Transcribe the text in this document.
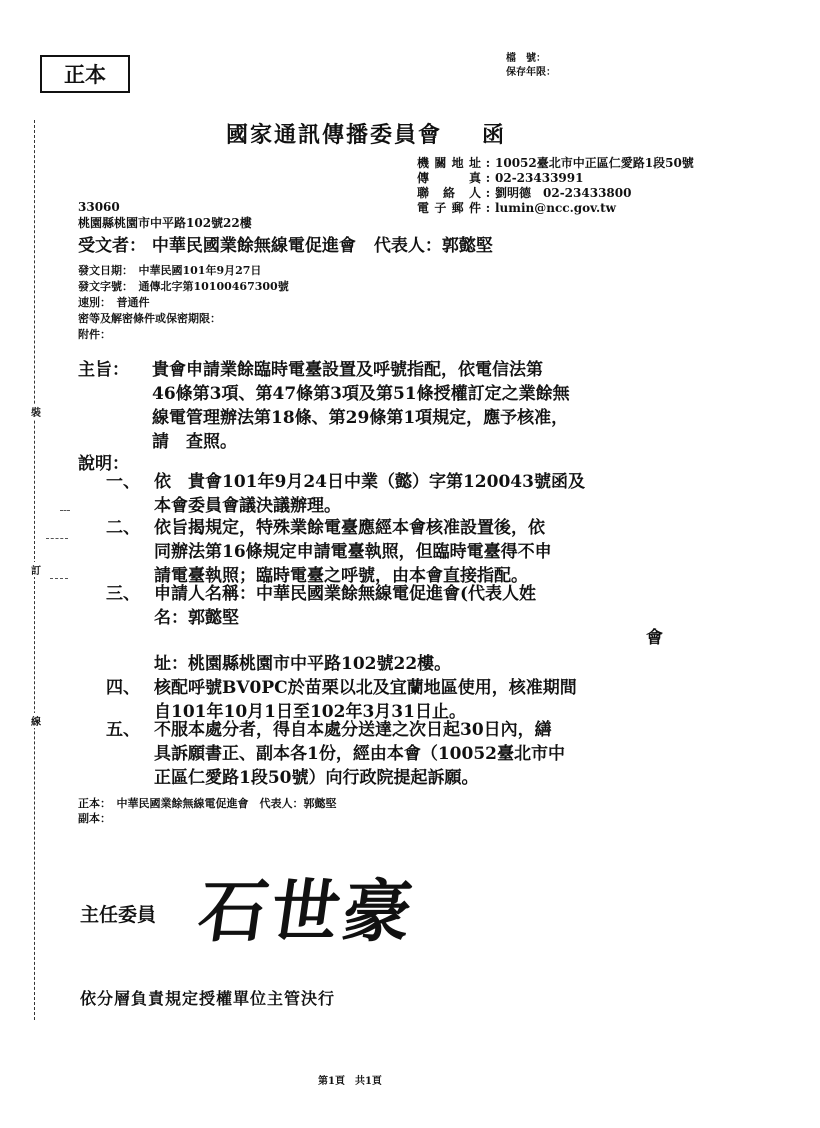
正本
檔　號：
保存年限：
裝
訂
線
國家通訊傳播委員會 函
機關地址 : 10052臺北市中正區仁愛路1段50號
傳　　真 : 02-23433991
聯 絡 人 : 劉明德　02-23433800
電子郵件 : lumin@ncc.gov.tw
33060
桃園縣桃園市中平路102號22樓
受文者： 中華民國業餘無線電促進會 代表人：郭懿堅
發文日期：　中華民國101年9月27日
發文字號：　通傳北字第10100467300號
速別：　普通件
密等及解密條件或保密期限：
附件：
主旨： 貴會申請業餘臨時電臺設置及呼號指配，依電信法第
46條第3項、第47條第3項及第51條授權訂定之業餘無
線電管理辦法第18條、第29條第1項規定，應予核准，
請　查照。
說明：
一、 依　貴會101年9月24日中業（懿）字第120043號函及
本會委員會議決議辦理。
二、 依旨揭規定，特殊業餘電臺應經本會核准設置後，依
同辦法第16條規定申請電臺執照，但臨時電臺得不申
請電臺執照；臨時電臺之呼號，由本會直接指配。
三、 申請人名稱：中華民國業餘無線電促進會(代表人姓
名：郭懿堅
會
址：桃園縣桃園市中平路102號22樓。
四、 核配呼號BV0PC於苗栗以北及宜蘭地區使用，核准期間
自101年10月1日至102年3月31日止。
五、 不服本處分者，得自本處分送達之次日起30日內，繕
具訴願書正、副本各1份，經由本會（10052臺北市中
正區仁愛路1段50號）向行政院提起訴願。
正本：　中華民國業餘無線電促進會　代表人：郭懿堅
副本：
主任委員 石世豪
依分層負責規定授權單位主管決行
第1頁　共1頁
